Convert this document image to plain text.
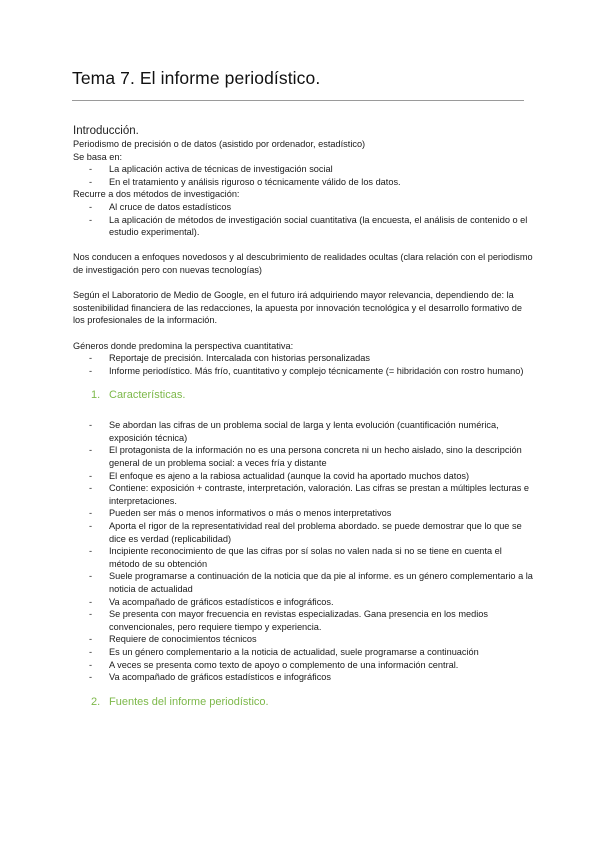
Tema 7. El informe periodístico.

Introducción.

Periodismo de precisión o de datos (asistido por ordenador, estadístico)

Se basa en:

- La aplicación activa de técnicas de investigación social
- En el tratamiento y análisis riguroso o técnicamente válido de los datos.

Recurre a dos métodos de investigación:

- Al cruce de datos estadísticos
- La aplicación de métodos de investigación social cuantitativa (la encuesta, el análisis de contenido o el estudio experimental).

Nos conducen a enfoques novedosos y al descubrimiento de realidades ocultas (clara relación con el periodismo de investigación pero con nuevas tecnologías)

Según el Laboratorio de Medio de Google, en el futuro irá adquiriendo mayor relevancia, dependiendo de: la sostenibilidad financiera de las redacciones, la apuesta por innovación tecnológica y el desarrollo formativo de los profesionales de la información.

Géneros donde predomina la perspectiva cuantitativa:

- Reportaje de precisión. Intercalada con historias personalizadas
- Informe periodístico. Más frío, cuantitativo y complejo técnicamente (= hibridación con rostro humano)

1. Características.

- Se abordan las cifras de un problema social de larga y lenta evolución (cuantificación numérica, exposición técnica)
- El protagonista de la información no es una persona concreta ni un hecho aislado, sino la descripción general de un problema social: a veces fría y distante
- El enfoque es ajeno a la rabiosa actualidad (aunque la covid ha aportado muchos datos)
- Contiene: exposición + contraste, interpretación, valoración. Las cifras se prestan a múltiples lecturas e interpretaciones.
- Pueden ser más o menos informativos o más o menos interpretativos
- Aporta el rigor de la representatividad real del problema abordado. se puede demostrar que lo que se dice es verdad (replicabilidad)
- Incipiente reconocimiento de que las cifras por sí solas no valen nada si no se tiene en cuenta el método de su obtención
- Suele programarse a continuación de la noticia que da pie al informe. es un género complementario a la noticia de actualidad
- Va acompañado de gráficos estadísticos e infográficos.
- Se presenta con mayor frecuencia en revistas especializadas. Gana presencia en los medios convencionales, pero requiere tiempo y experiencia.
- Requiere de conocimientos técnicos
- Es un género complementario a la noticia de actualidad, suele programarse a continuación
- A veces se presenta como texto de apoyo o complemento de una información central.
- Va acompañado de gráficos estadísticos e infográficos

2. Fuentes del informe periodístico.
